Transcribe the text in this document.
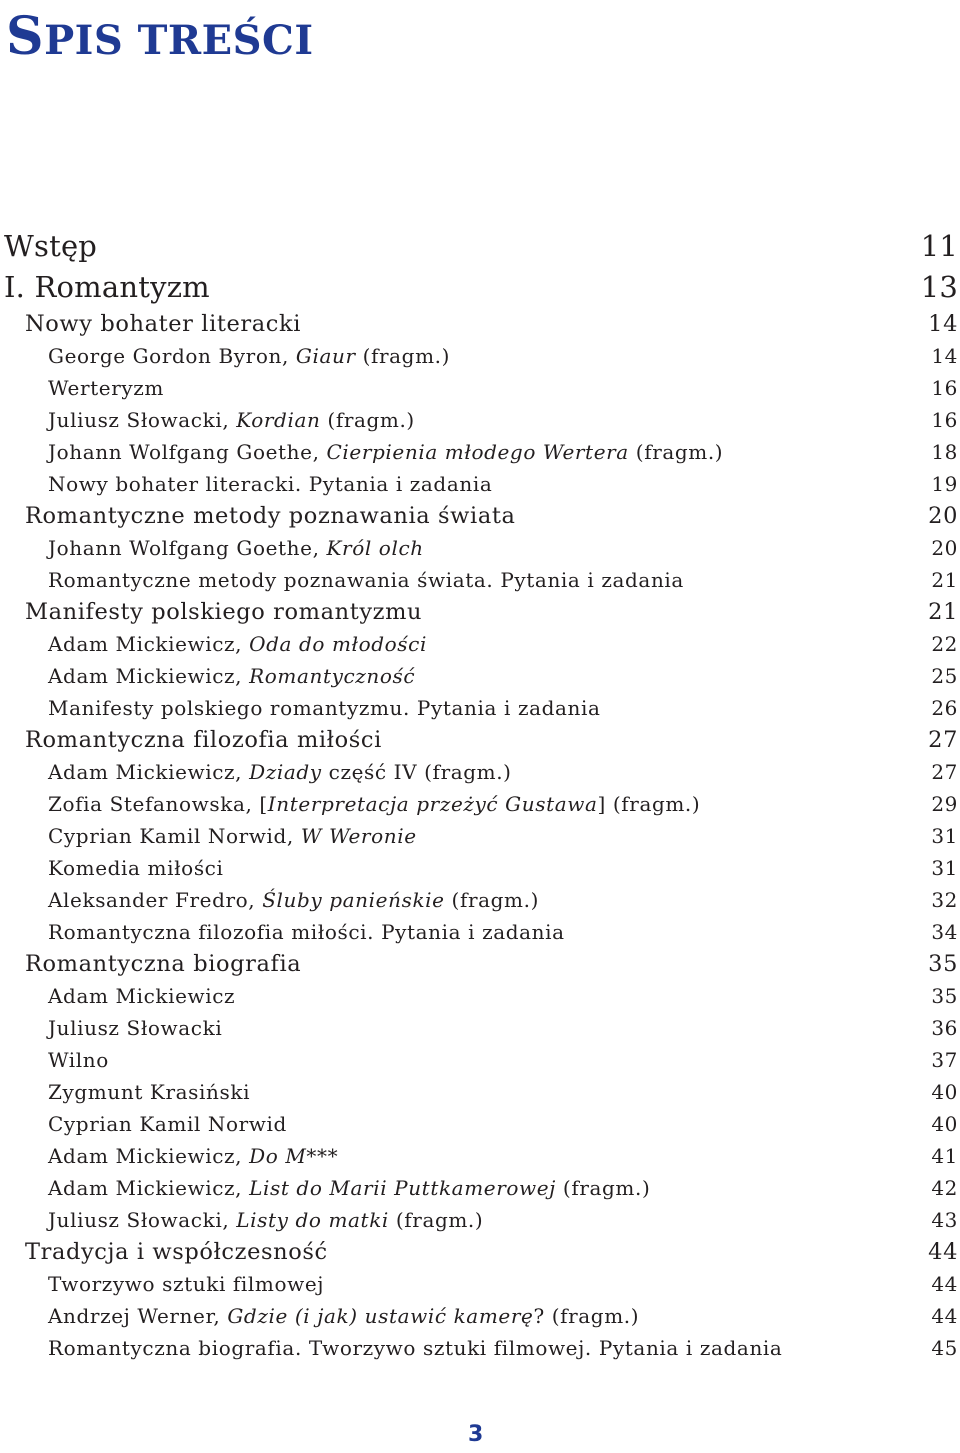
SPIS TREŚCI
Wstęp	11
I. Romantyzm	13
Nowy bohater literacki	14
George Gordon Byron, Giaur (fragm.)	14
Werteryzm	16
Juliusz Słowacki, Kordian (fragm.)	16
Johann Wolfgang Goethe, Cierpienia młodego Wertera (fragm.)	18
Nowy bohater literacki. Pytania i zadania	19
Romantyczne metody poznawania świata	20
Johann Wolfgang Goethe, Król olch	20
Romantyczne metody poznawania świata. Pytania i zadania	21
Manifesty polskiego romantyzmu	21
Adam Mickiewicz, Oda do młodości	22
Adam Mickiewicz, Romantyczność	25
Manifesty polskiego romantyzmu. Pytania i zadania	26
Romantyczna filozofia miłości	27
Adam Mickiewicz, Dziady część IV (fragm.)	27
Zofia Stefanowska, [Interpretacja przeżyć Gustawa] (fragm.)	29
Cyprian Kamil Norwid, W Weronie	31
Komedia miłości	31
Aleksander Fredro, Śluby panieńskie (fragm.)	32
Romantyczna filozofia miłości. Pytania i zadania	34
Romantyczna biografia	35
Adam Mickiewicz	35
Juliusz Słowacki	36
Wilno	37
Zygmunt Krasiński	40
Cyprian Kamil Norwid	40
Adam Mickiewicz, Do M***	41
Adam Mickiewicz, List do Marii Puttkamerowej (fragm.)	42
Juliusz Słowacki, Listy do matki (fragm.)	43
Tradycja i współczesność	44
Tworzywo sztuki filmowej	44
Andrzej Werner, Gdzie (i jak) ustawić kamerę? (fragm.)	44
Romantyczna biografia. Tworzywo sztuki filmowej. Pytania i zadania	45
3
